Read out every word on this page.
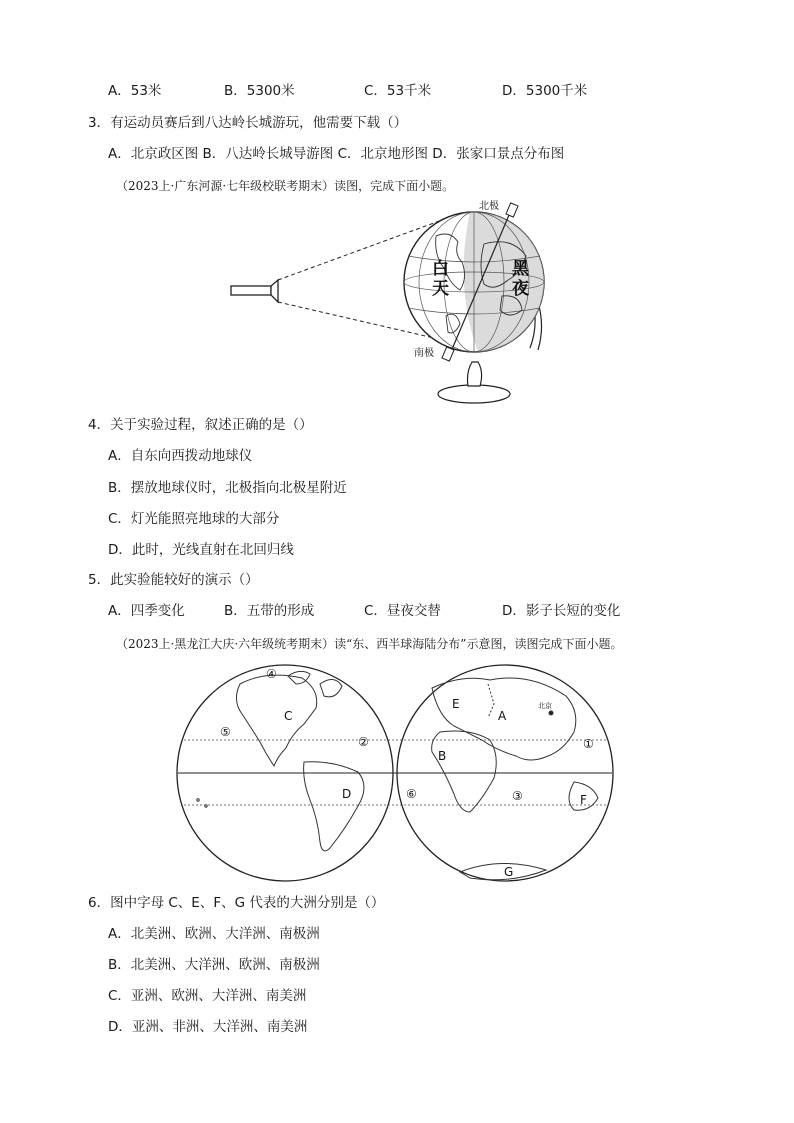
A．53米	B．5300米	C．53千米	D．5300千米
3．有运动员赛后到八达岭长城游玩，他需要下载（）
A．北京政区图 B．八达岭长城导游图 C．北京地形图 D．张家口景点分布图
（2023上·广东河源·七年级校联考期末）读图，完成下面小题。
北极
南极
白
天
黑
夜
4．关于实验过程，叙述正确的是（）
A．自东向西拨动地球仪
B．摆放地球仪时，北极指向北极星附近
C．灯光能照亮地球的大部分
D．此时，光线直射在北回归线
5．此实验能较好的演示（）
A．四季变化	B．五带的形成	C．昼夜交替	D．影子长短的变化
（2023上·黑龙江大庆·六年级统考期末）读“东、西半球海陆分布”示意图，读图完成下面小题。
④
⑤
②
C
D	⑥	③
①
E
A
B
F
G
北京
6．图中字母 C、E、F、G 代表的大洲分别是（）
A．北美洲、欧洲、大洋洲、南极洲
B．北美洲、大洋洲、欧洲、南极洲
C．亚洲、欧洲、大洋洲、南美洲
D．亚洲、非洲、大洋洲、南美洲
